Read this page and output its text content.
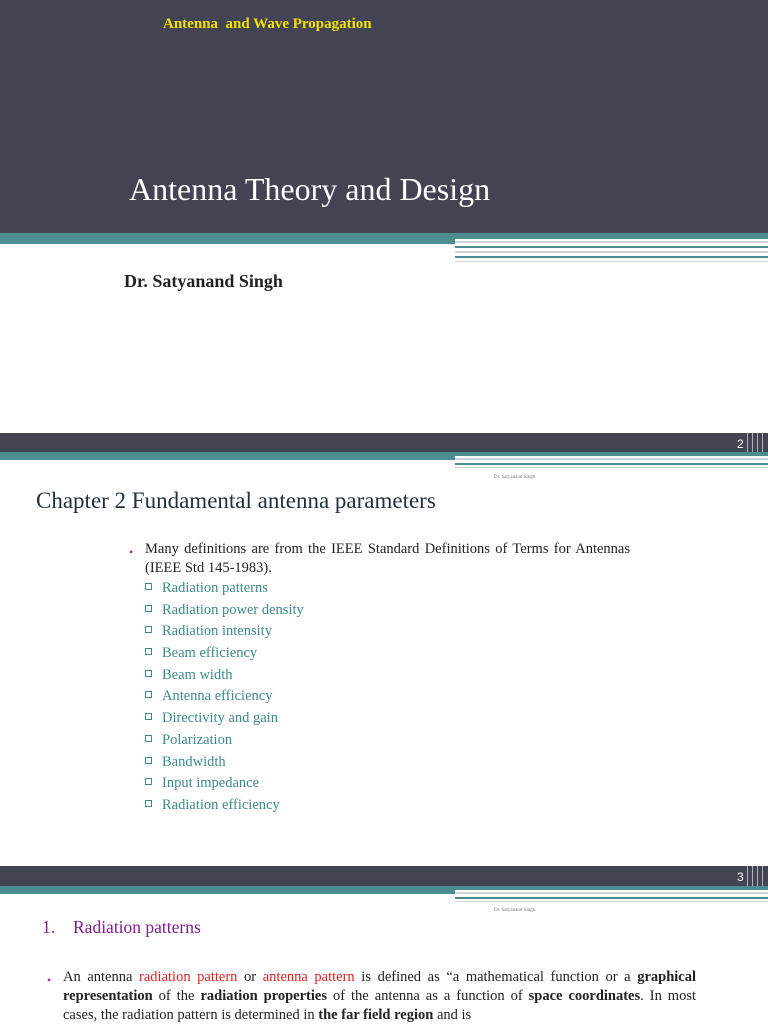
Antenna  and Wave Propagation
Antenna Theory and Design
Dr. Satyanand Singh
2
Dr. Satyanand Singh
Chapter 2 Fundamental antenna parameters
• Many definitions are from the IEEE Standard Definitions of Terms for Antennas (IEEE Std 145-1983).
Radiation patterns
Radiation power density
Radiation intensity
Beam efficiency
Beam width
Antenna efficiency
Directivity and gain
Polarization
Bandwidth
Input impedance
Radiation efficiency
3
Dr. Satyanand Singh
1. Radiation patterns
• An antenna radiation pattern or antenna pattern is defined as “a mathematical function or a graphical representation of the radiation properties of the antenna as a function of space coordinates. In most cases, the radiation pattern is determined in the far field region and is
